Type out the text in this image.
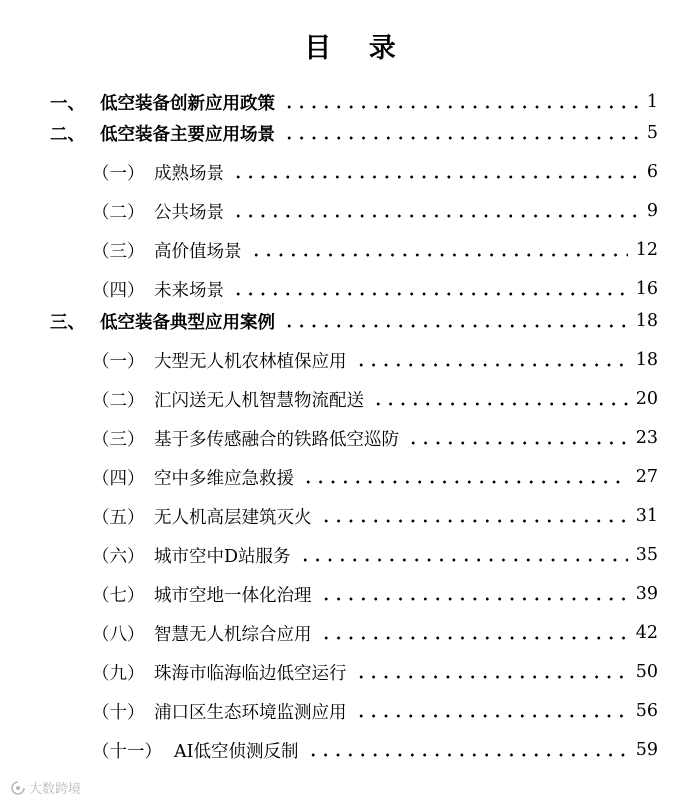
目 录
一、 低空装备创新应用政策	1
二、 低空装备主要应用场景	5
（一） 成熟场景	6
（二） 公共场景	9
（三） 高价值场景	12
（四） 未来场景	16
三、 低空装备典型应用案例	18
（一） 大型无人机农林植保应用	18
（二） 汇闪送无人机智慧物流配送	20
（三） 基于多传感融合的铁路低空巡防	23
（四） 空中多维应急救援	27
（五） 无人机高层建筑灭火	31
（六） 城市空中D站服务	35
（七） 城市空地一体化治理	39
（八） 智慧无人机综合应用	42
（九） 珠海市临海临边低空运行	50
（十） 浦口区生态环境监测应用	56
（十一） AI低空侦测反制	59
大数跨境
